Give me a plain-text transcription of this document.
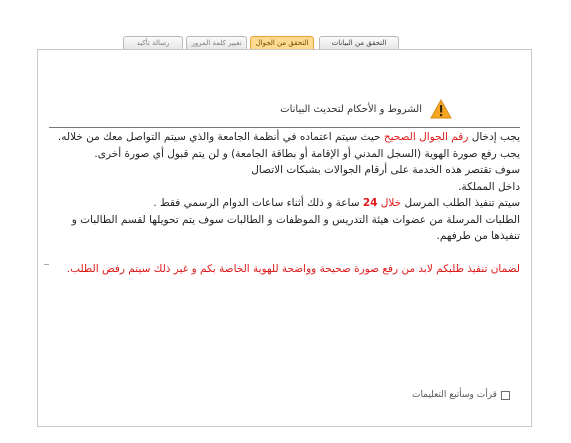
رسالة تأكيد	تغيير كلمة المرور	التحقق من الجوال	التحقق من البيانات
الشروط و الأحكام لتحديث البيانات

يجب إدخال رقم الجوال الصحيح حيث سيتم اعتماده في أنظمة الجامعة والذي سيتم التواصل معك من خلاله.

يجب رفع صورة الهوية (السجل المدني أو الإقامة أو بطاقة الجامعة) و لن يتم قبول أي صورة أخرى.

سوف تقتصر هذه الخدمة على أرقام الجوالات بشبكات الاتصال
داخل المملكة.

سيتم تنفيذ الطلب المرسل خلال 24 ساعة و ذلك أثناء ساعات الدوام الرسمي فقط .

الطلبات المرسلة من عضوات هيئة التدريس و الموظفات و الطالبات سوف يتم تحويلها لقسم الطالبات و تنفيذها من طرفهم.

لضمان تنفيذ طلبكم لابد من رفع صورة صحيحة وواضحة للهوية الخاصة بكم و غير ذلك سيتم رفض الطلب.

قرأت وسأتبع التعليمات
